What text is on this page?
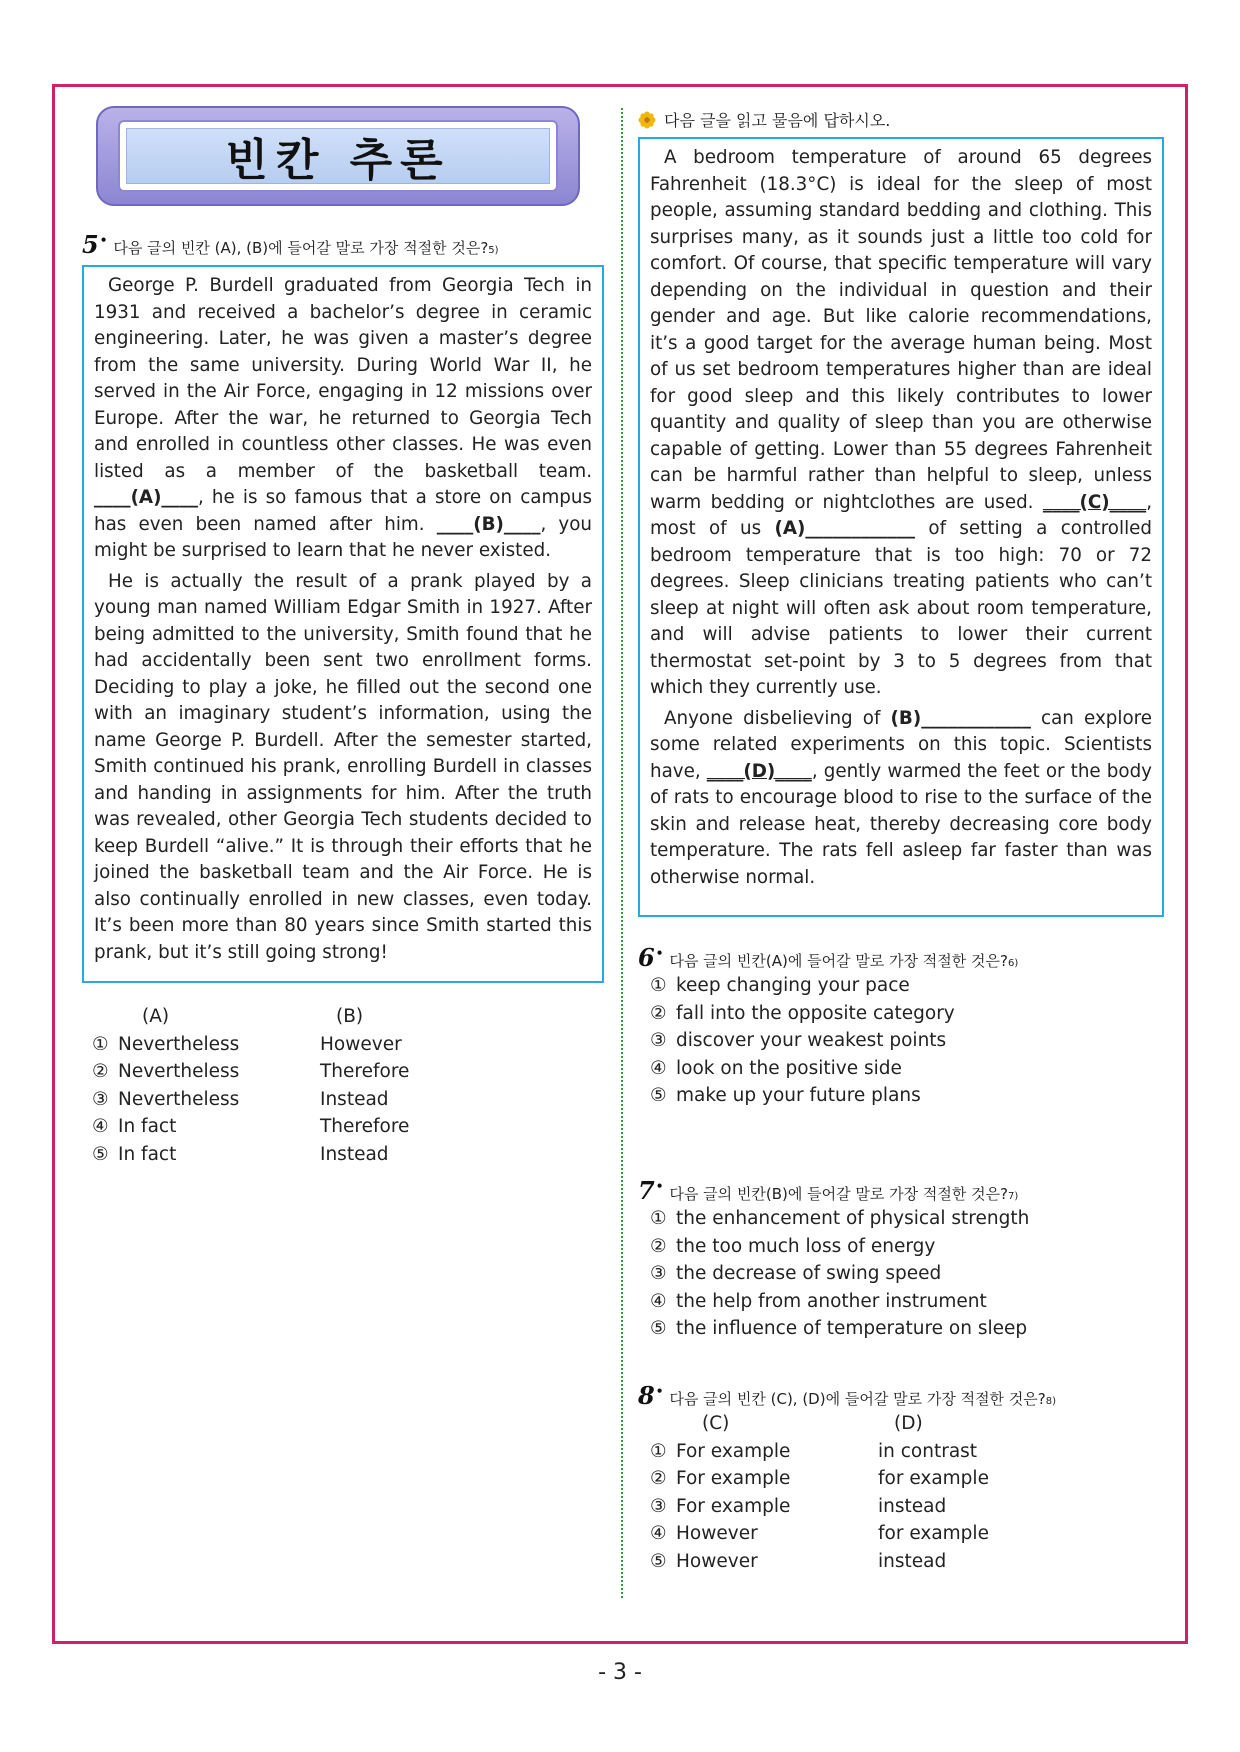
빈칸 추론
5 • 다음 글의 빈칸 (A), (B)에 들어갈 말로 가장 적절한 것은$?_{5)}$

George P. Burdell graduated from Georgia Tech in 1931 and received a bachelor’s degree in ceramic engineering. Later, he was given a master’s degree from the same university. During World War II, he served in the Air Force, engaging in 12 missions over Europe. After the war, he returned to Georgia Tech and enrolled in countless other classes. He was even listed as a member of the basketball team. ____(A)____, he is so famous that a store on campus has even been named after him. ____(B)____, you might be surprised to learn that he never existed.

He is actually the result of a prank played by a young man named William Edgar Smith in 1927. After being admitted to the university, Smith found that he had accidentally been sent two enrollment forms. Deciding to play a joke, he filled out the second one with an imaginary student’s information, using the name George P. Burdell. After the semester started, Smith continued his prank, enrolling Burdell in classes and handing in assignments for him. After the truth was revealed, other Georgia Tech students decided to keep Burdell “alive.” It is through their efforts that he joined the basketball team and the Air Force. He is also continually enrolled in new classes, even today. It’s been more than 80 years since Smith started this prank, but it’s still going strong!

(A)	(B)
① Nevertheless	However
② Nevertheless	Therefore
③ Nevertheless	Instead
④ In fact	Therefore
⑤ In fact	Instead
다음 글을 읽고 물음에 답하시오.

A bedroom temperature of around 65 degrees Fahrenheit (18.3°C) is ideal for the sleep of most people, assuming standard bedding and clothing. This surprises many, as it sounds just a little too cold for comfort. Of course, that specific temperature will vary depending on the individual in question and their gender and age. But like calorie recommendations, it’s a good target for the average human being. Most of us set bedroom temperatures higher than are ideal for good sleep and this likely contributes to lower quantity and quality of sleep than you are otherwise capable of getting. Lower than 55 degrees Fahrenheit can be harmful rather than helpful to sleep, unless warm bedding or nightclothes are used. ____(C)____, most of us (A)____________ of setting a controlled bedroom temperature that is too high: 70 or 72 degrees. Sleep clinicians treating patients who can’t sleep at night will often ask about room temperature, and will advise patients to lower their current thermostat set-point by 3 to 5 degrees from that which they currently use.

Anyone disbelieving of (B)____________ can explore some related experiments on this topic. Scientists have, ____(D)____, gently warmed the feet or the body of rats to encourage blood to rise to the surface of the skin and release heat, thereby decreasing core body temperature. The rats fell asleep far faster than was otherwise normal.

6 • 다음 글의 빈칸(A)에 들어갈 말로 가장 적절한 것은$?_{6)}$
① keep changing your pace
② fall into the opposite category
③ discover your weakest points
④ look on the positive side
⑤ make up your future plans
7 • 다음 글의 빈칸(B)에 들어갈 말로 가장 적절한 것은$?_{7)}$
① the enhancement of physical strength
② the too much loss of energy
③ the decrease of swing speed
④ the help from another instrument
⑤ the influence of temperature on sleep
8 • 다음 글의 빈칸 (C), (D)에 들어갈 말로 가장 적절한 것은$?_{8)}$
(C)	(D)
① For example	in contrast
② For example	for example
③ For example	instead
④ However	for example
⑤ However	instead
- 3 -
